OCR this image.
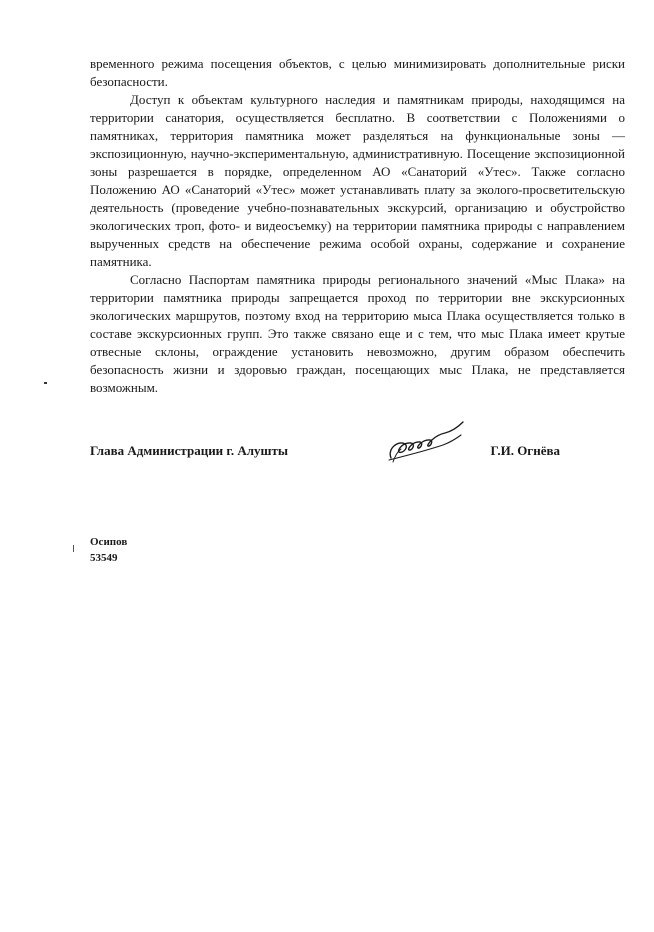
временного режима посещения объектов, с целью минимизировать дополнительные риски безопасности.

Доступ к объектам культурного наследия и памятникам природы, находящимся на территории санатория, осуществляется бесплатно. В соответствии с Положениями о памятниках, территория памятника может разделяться на функциональные зоны — экспозиционную, научно-экспериментальную, административную. Посещение экспозиционной зоны разрешается в порядке, определенном АО «Санаторий «Утес». Также согласно Положению АО «Санаторий «Утес» может устанавливать плату за эколого-просветительскую деятельность (проведение учебно-познавательных экскурсий, организацию и обустройство экологических троп, фото- и видеосъемку) на территории памятника природы с направлением вырученных средств на обеспечение режима особой охраны, содержание и сохранение памятника.

Согласно Паспортам памятника природы регионального значений «Мыс Плака» на территории памятника природы запрещается проход по территории вне экскурсионных экологических маршрутов, поэтому вход на территорию мыса Плака осуществляется только в составе экскурсионных групп. Это также связано еще и с тем, что мыс Плака имеет крутые отвесные склоны, ограждение установить невозможно, другим образом обеспечить безопасность жизни и здоровью граждан, посещающих мыс Плака, не представляется возможным.

Глава Администрации г. Алушты	Г.И. Огнёва
Осипов
53549
